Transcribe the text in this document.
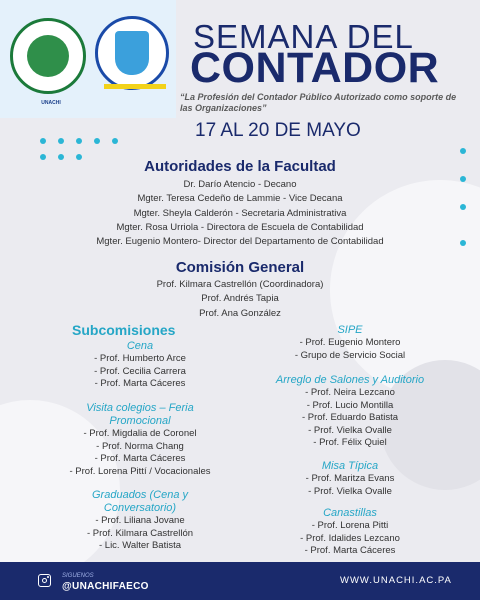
UNACHI
SEMANA DEL
CONTADOR
“La Profesión del Contador Público Autorizado como soporte de las Organizaciones”
17 AL 20 DE MAYO
Autoridades de la Facultad
Dr. Darío Atencio - Decano
Mgter. Teresa Cedeño de Lammie - Vice Decana
Mgter. Sheyla Calderón - Secretaria Administrativa
Mgter. Rosa Urriola - Directora de Escuela de Contabilidad
Mgter. Eugenio Montero- Director del Departamento de Contabilidad
Comisión General
Prof. Kilmara Castrellón (Coordinadora)
Prof. Andrés Tapia
Prof. Ana González
Subcomisiones
Cena
- Prof. Humberto Arce
- Prof. Cecilia Carrera
- Prof. Marta Cáceres
Visita colegios – Feria Promocional
- Prof. Migdalia de Coronel
- Prof. Norma Chang
- Prof. Marta Cáceres
- Prof. Lorena Pittí / Vocacionales
Graduados (Cena y Conversatorio)
- Prof. Liliana Jovane
- Prof. Kilmara Castrellón
- Lic. Walter Batista
SIPE
- Prof. Eugenio Montero
- Grupo de Servicio Social
Arreglo de Salones y Auditorio
- Prof. Neira Lezcano
- Prof. Lucio Montilla
- Prof. Eduardo Batista
- Prof. Vielka Ovalle
- Prof. Félix Quiel
Misa Típica
- Prof. Maritza Evans
- Prof. Vielka Ovalle
Canastillas
- Prof. Lorena Pitti
- Prof. Idalides Lezcano
- Prof. Marta Cáceres
SIGUENOS
@UNACHIFAECO
WWW.UNACHI.AC.PA
